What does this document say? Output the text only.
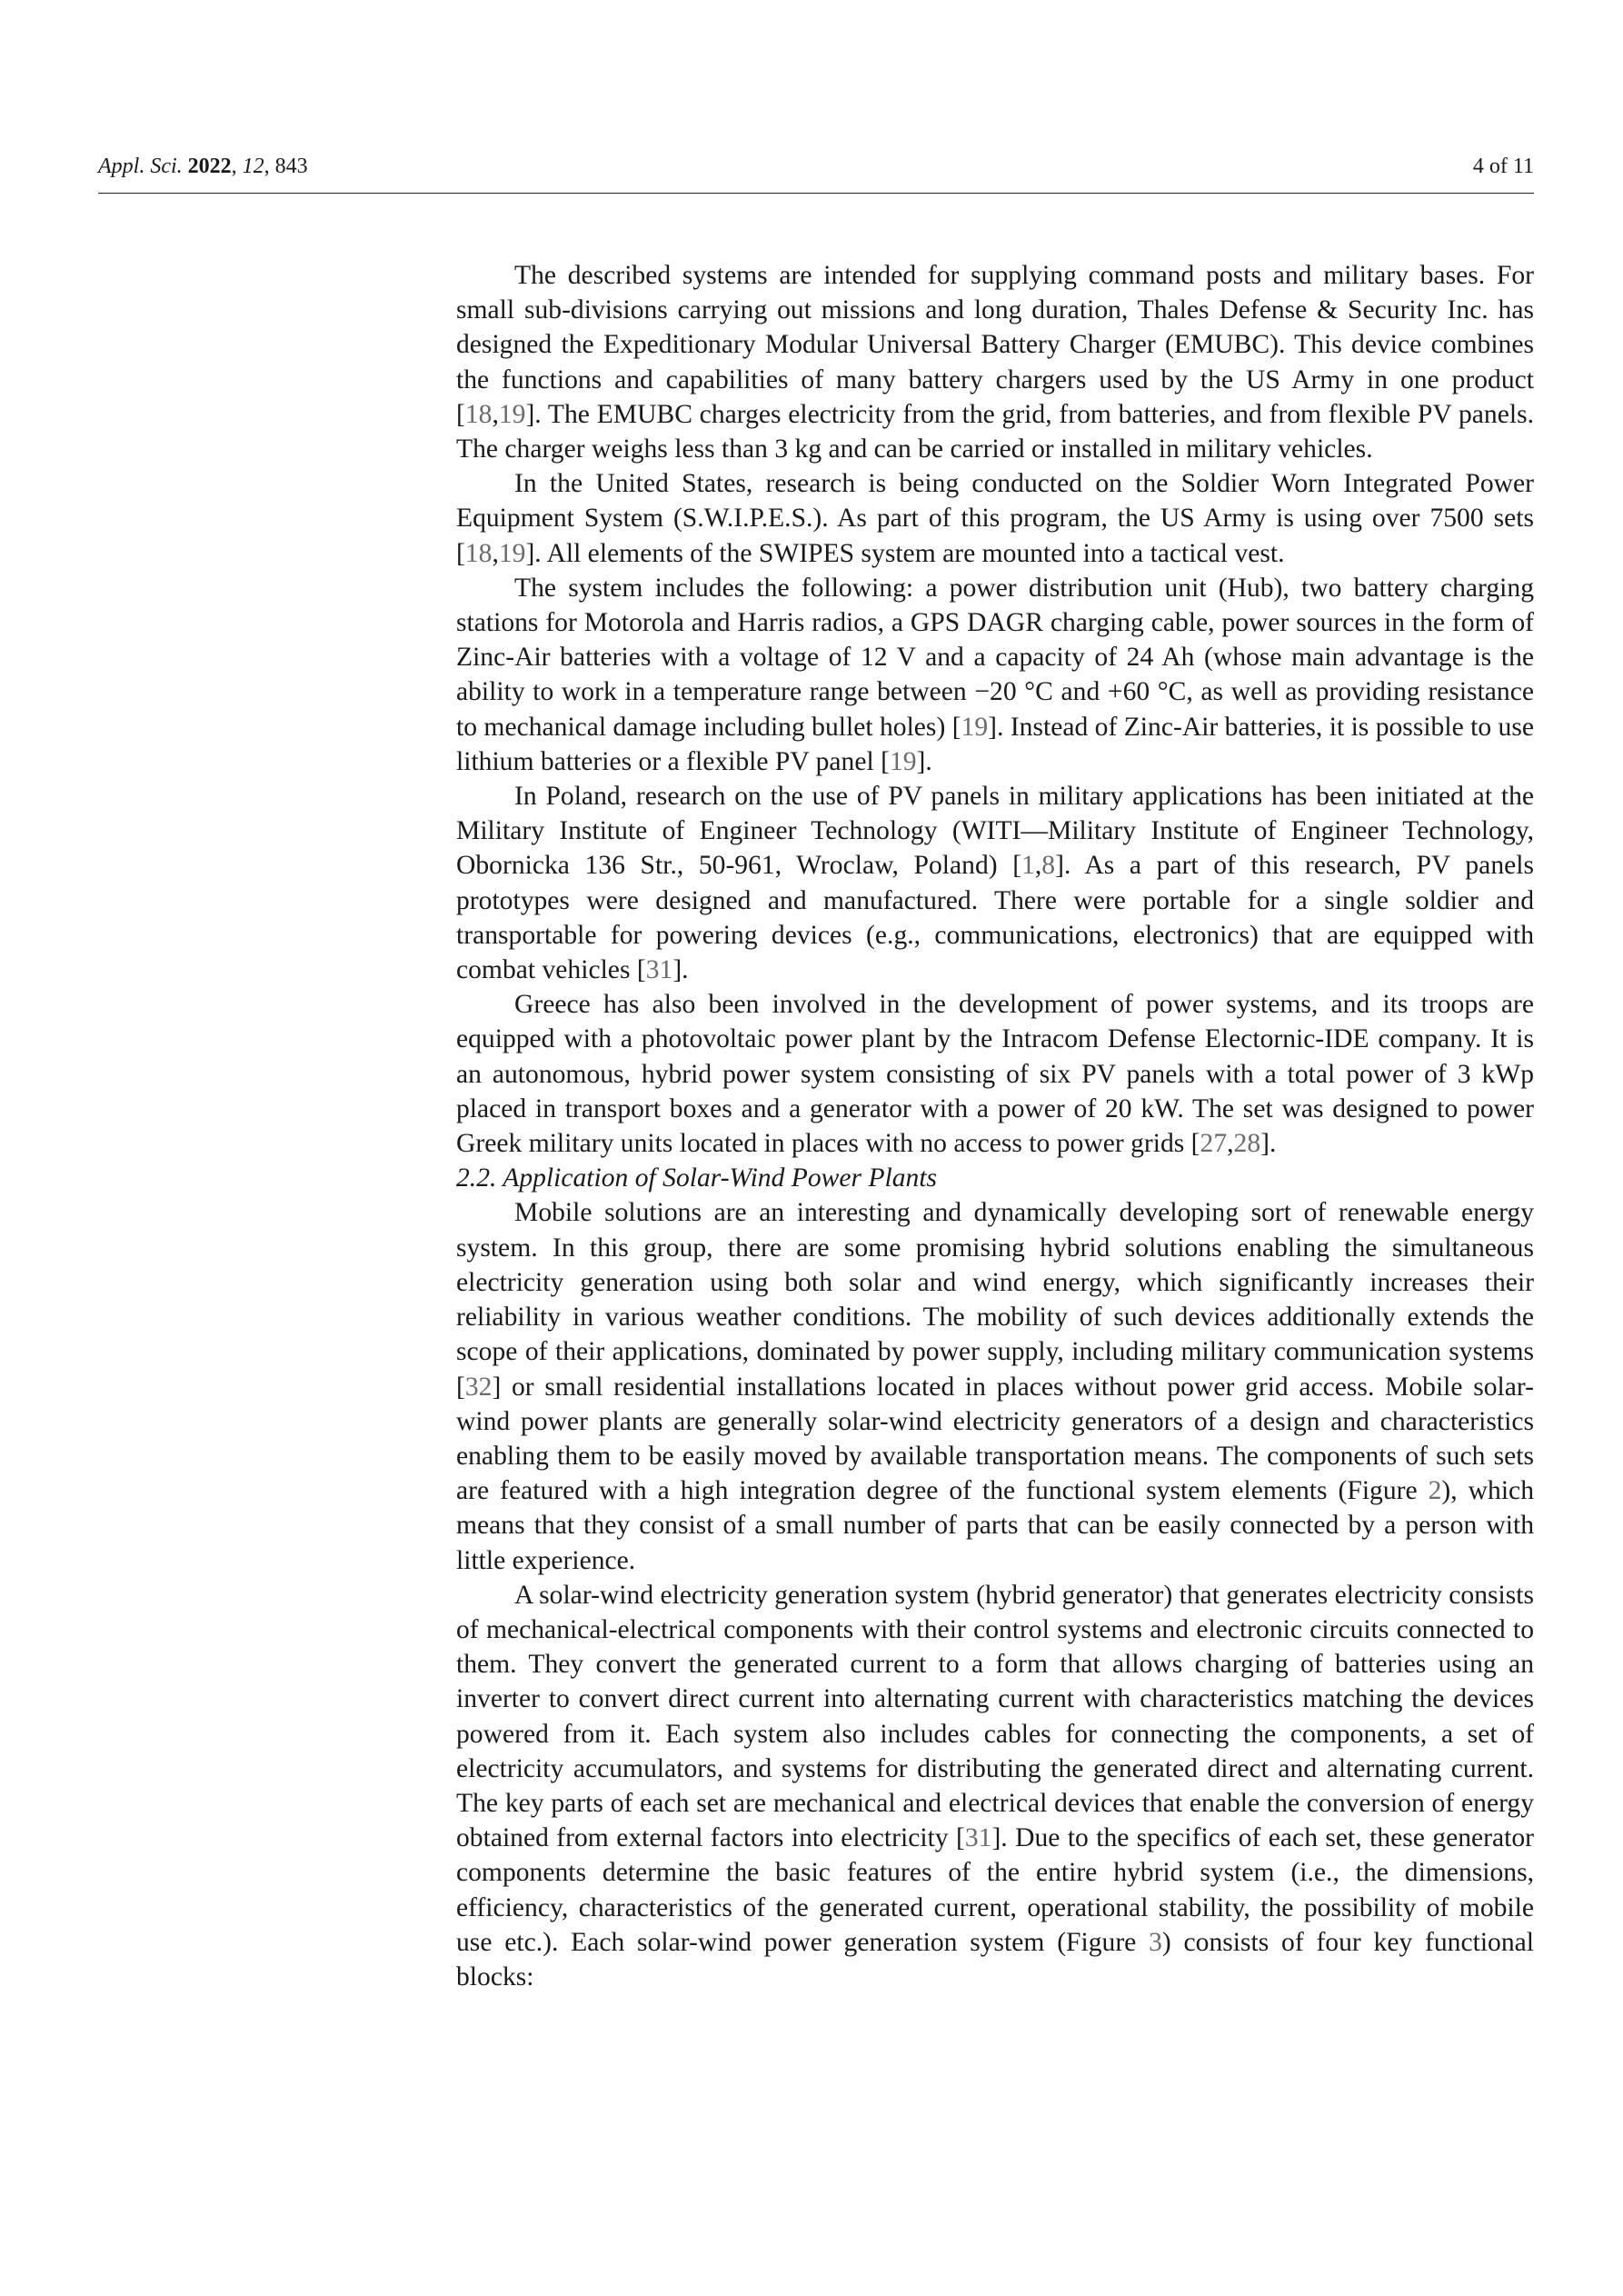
Appl. Sci. 2022, 12, 843	4 of 11

The described systems are intended for supplying command posts and military bases. For small sub-divisions carrying out missions and long duration, Thales Defense & Security Inc. has designed the Expeditionary Modular Universal Battery Charger (EMUBC). This device combines the functions and capabilities of many battery chargers used by the US Army in one product [18,19]. The EMUBC charges electricity from the grid, from batteries, and from flexible PV panels. The charger weighs less than 3 kg and can be carried or installed in military vehicles.

In the United States, research is being conducted on the Soldier Worn Integrated Power Equipment System (S.W.I.P.E.S.). As part of this program, the US Army is using over 7500 sets [18,19]. All elements of the SWIPES system are mounted into a tactical vest.

The system includes the following: a power distribution unit (Hub), two battery charging stations for Motorola and Harris radios, a GPS DAGR charging cable, power sources in the form of Zinc-Air batteries with a voltage of 12 V and a capacity of 24 Ah (whose main advantage is the ability to work in a temperature range between −20 °C and +60 °C, as well as providing resistance to mechanical damage including bullet holes) [19]. Instead of Zinc-Air batteries, it is possible to use lithium batteries or a flexible PV panel [19].

In Poland, research on the use of PV panels in military applications has been initiated at the Military Institute of Engineer Technology (WITI—Military Institute of Engineer Technology, Obornicka 136 Str., 50-961, Wroclaw, Poland) [1,8]. As a part of this research, PV panels prototypes were designed and manufactured. There were portable for a single soldier and transportable for powering devices (e.g., communications, electronics) that are equipped with combat vehicles [31].

Greece has also been involved in the development of power systems, and its troops are equipped with a photovoltaic power plant by the Intracom Defense Electornic-IDE company. It is an autonomous, hybrid power system consisting of six PV panels with a total power of 3 kWp placed in transport boxes and a generator with a power of 20 kW. The set was designed to power Greek military units located in places with no access to power grids [27,28].

2.2. Application of Solar-Wind Power Plants

Mobile solutions are an interesting and dynamically developing sort of renewable energy system. In this group, there are some promising hybrid solutions enabling the simultaneous electricity generation using both solar and wind energy, which significantly increases their reliability in various weather conditions. The mobility of such devices additionally extends the scope of their applications, dominated by power supply, including military communication systems [32] or small residential installations located in places without power grid access. Mobile solar-wind power plants are generally solar-wind electricity generators of a design and characteristics enabling them to be easily moved by available transportation means. The components of such sets are featured with a high integration degree of the functional system elements (Figure 2), which means that they consist of a small number of parts that can be easily connected by a person with little experience.

A solar-wind electricity generation system (hybrid generator) that generates electricity consists of mechanical-electrical components with their control systems and electronic circuits connected to them. They convert the generated current to a form that allows charging of batteries using an inverter to convert direct current into alternating current with characteristics matching the devices powered from it. Each system also includes cables for connecting the components, a set of electricity accumulators, and systems for distributing the generated direct and alternating current. The key parts of each set are mechanical and electrical devices that enable the conversion of energy obtained from external factors into electricity [31]. Due to the specifics of each set, these generator components determine the basic features of the entire hybrid system (i.e., the dimensions, efficiency, characteristics of the generated current, operational stability, the possibility of mobile use etc.). Each solar-wind power generation system (Figure 3) consists of four key functional blocks:
